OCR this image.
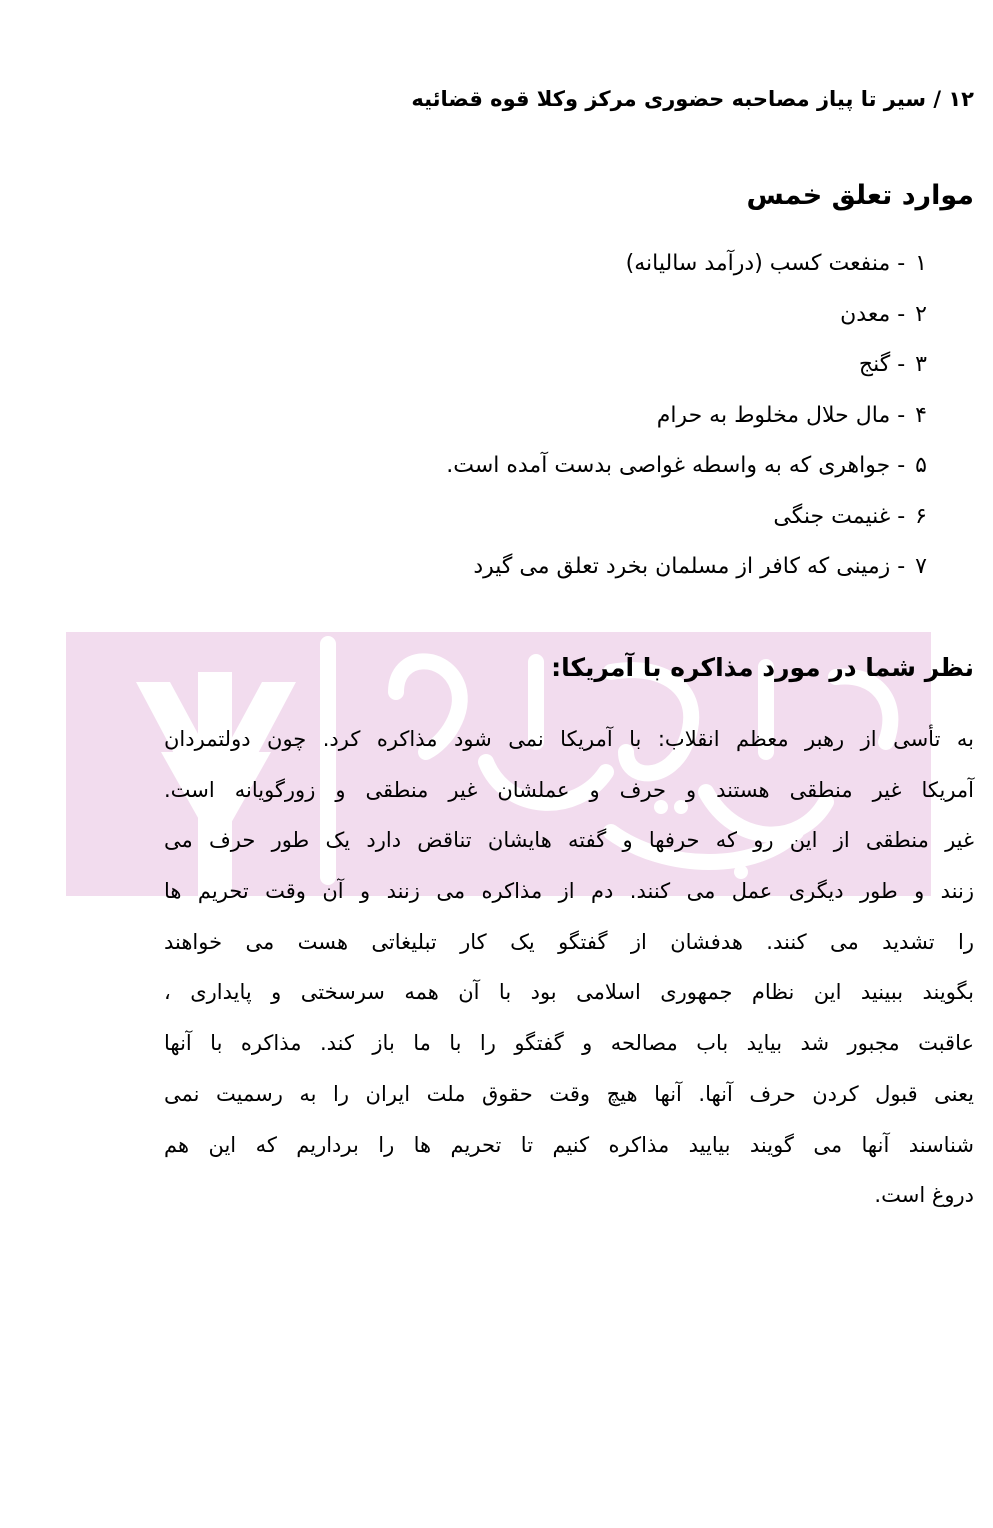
۱۲ / سیر تا پیاز مصاحبه حضوری مرکز وکلا قوه قضائیه
موارد تعلق خمس
۱- منفعت کسب (درآمد سالیانه)
۲- معدن
۳- گنج
۴- مال حلال مخلوط به حرام
۵- جواهری که به واسطه غواصی بدست آمده است.
۶- غنیمت جنگی
۷- زمینی که کافر از مسلمان بخرد تعلق می گیرد
نظر شما در مورد مذاکره با آمریکا:
به تأسی از رهبر معظم انقلاب: با آمریکا نمی شود مذاکره کرد. چون دولتمردان
آمریکا غیر منطقی هستند و حرف و عملشان غیر منطقی و زورگویانه است.
غیر منطقی از این رو که حرفها و گفته هایشان تناقض دارد یک طور حرف می
زنند و طور دیگری عمل می کنند. دم از مذاکره می زنند و آن وقت تحریم ها
را تشدید می کنند. هدفشان از گفتگو یک کار تبلیغاتی هست می خواهند
بگویند ببینید این نظام جمهوری اسلامی بود با آن همه سرسختی و پایداری ،
عاقبت مجبور شد بیاید باب مصالحه و گفتگو را با ما باز کند. مذاکره با آنها
یعنی قبول کردن حرف آنها. آنها هیچ وقت حقوق ملت ایران را به رسمیت نمی
شناسند آنها می گویند بیایید مذاکره کنیم تا تحریم ها را برداریم که این هم
دروغ است.
